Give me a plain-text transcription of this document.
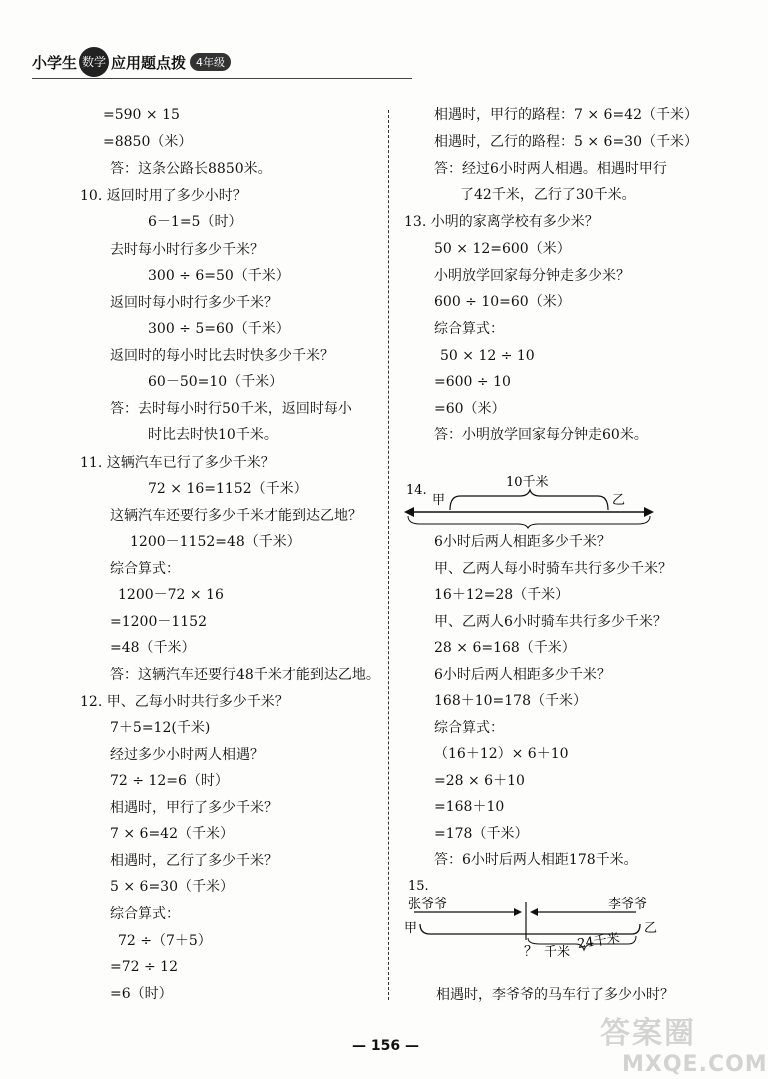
小学生 数学 应用题点拨 4年级
=590 × 15
=8850（米）
答：这条公路长8850米。
10. 返回时用了多少小时？
6－1=5（时）
去时每小时行多少千米？
300 ÷ 6=50（千米）
返回时每小时行多少千米？
300 ÷ 5=60（千米）
返回时的每小时比去时快多少千米？
60－50=10（千米）
答：去时每小时行50千米，返回时每小
时比去时快10千米。
11. 这辆汽车已行了多少千米？
72 × 16=1152（千米）
这辆汽车还要行多少千米才能到达乙地？
1200－1152=48（千米）
综合算式：
1200－72 × 16
=1200－1152
=48（千米）
答：这辆汽车还要行48千米才能到达乙地。
12. 甲、乙每小时共行多少千米？
7＋5=12(千米)
经过多少小时两人相遇？
72 ÷ 12=6（时）
相遇时，甲行了多少千米？
7 × 6=42（千米）
相遇时，乙行了多少千米？
5 × 6=30（千米）
综合算式：
72 ÷（7＋5）
=72 ÷ 12
=6（时）
相遇时，甲行的路程：7 × 6=42（千米）
相遇时，乙行的路程：5 × 6=30（千米）
答：经过6小时两人相遇。相遇时甲行
了42千米，乙行了30千米。
13. 小明的家离学校有多少米？
50 × 12=600（米）
小明放学回家每分钟走多少米？
600 ÷ 10=60（米）
综合算式：
50 × 12 ÷ 10
=600 ÷ 10
=60（米）
答：小明放学回家每分钟走60米。
14.
10千米
甲	乙
6小时后两人相距多少千米？
甲、乙两人每小时骑车共行多少千米？
16＋12=28（千米）
甲、乙两人6小时骑车共行多少千米？
28 × 6=168（千米）
6小时后两人相距多少千米？
168＋10=178（千米）
综合算式：
（16＋12）× 6＋10
=28 × 6＋10
=168＋10
=178（千米）
答：6小时后两人相距178千米。
15.
张爷爷	李爷爷
甲	乙
？ 千米
24千米
相遇时，李爷爷的马车行了多少小时？
— 156 —	答案圈
MXQE.COM
